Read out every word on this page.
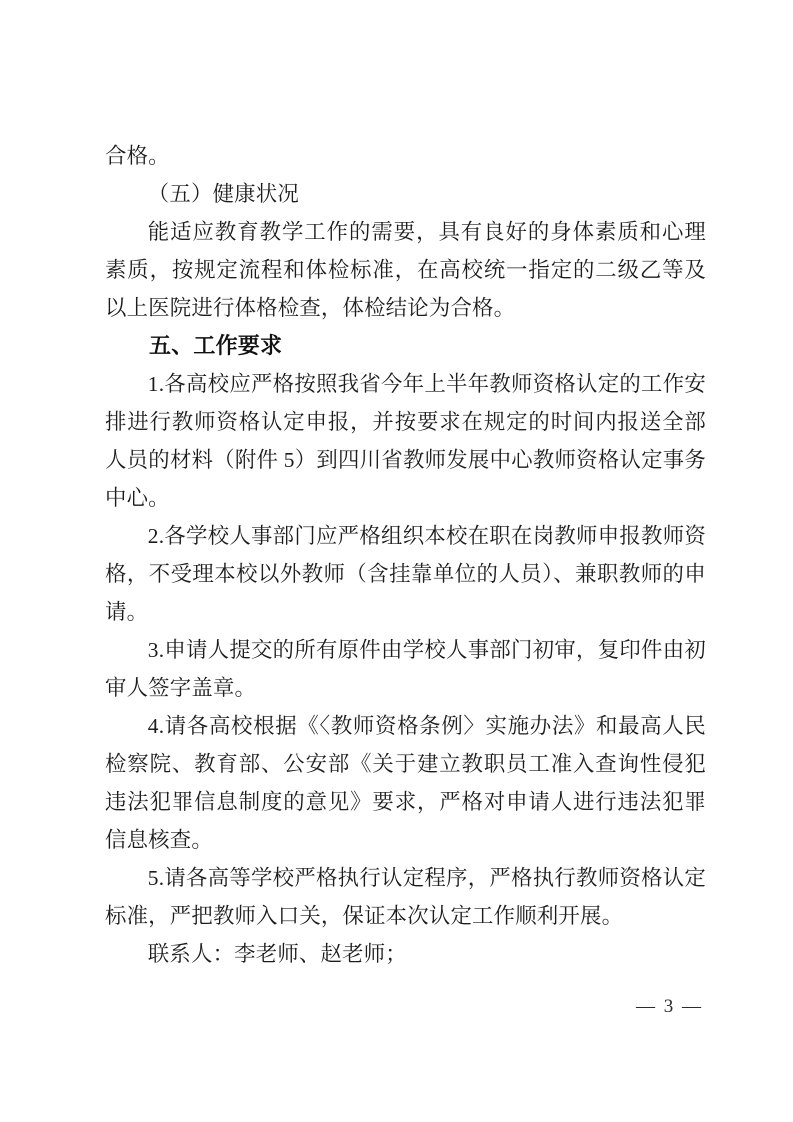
合格。

（五）健康状况

能适应教育教学工作的需要，具有良好的身体素质和心理素质，按规定流程和体检标准，在高校统一指定的二级乙等及以上医院进行体格检查，体检结论为合格。

五、工作要求

1.各高校应严格按照我省今年上半年教师资格认定的工作安排进行教师资格认定申报，并按要求在规定的时间内报送全部人员的材料（附件 5）到四川省教师发展中心教师资格认定事务中心。

2.各学校人事部门应严格组织本校在职在岗教师申报教师资格，不受理本校以外教师（含挂靠单位的人员）、兼职教师的申请。

3.申请人提交的所有原件由学校人事部门初审，复印件由初审人签字盖章。

4.请各高校根据《〈教师资格条例〉实施办法》和最高人民检察院、教育部、公安部《关于建立教职员工准入查询性侵犯违法犯罪信息制度的意见》要求，严格对申请人进行违法犯罪信息核查。

5.请各高等学校严格执行认定程序，严格执行教师资格认定标准，严把教师入口关，保证本次认定工作顺利开展。

联系人：李老师、赵老师；

— 3 —
